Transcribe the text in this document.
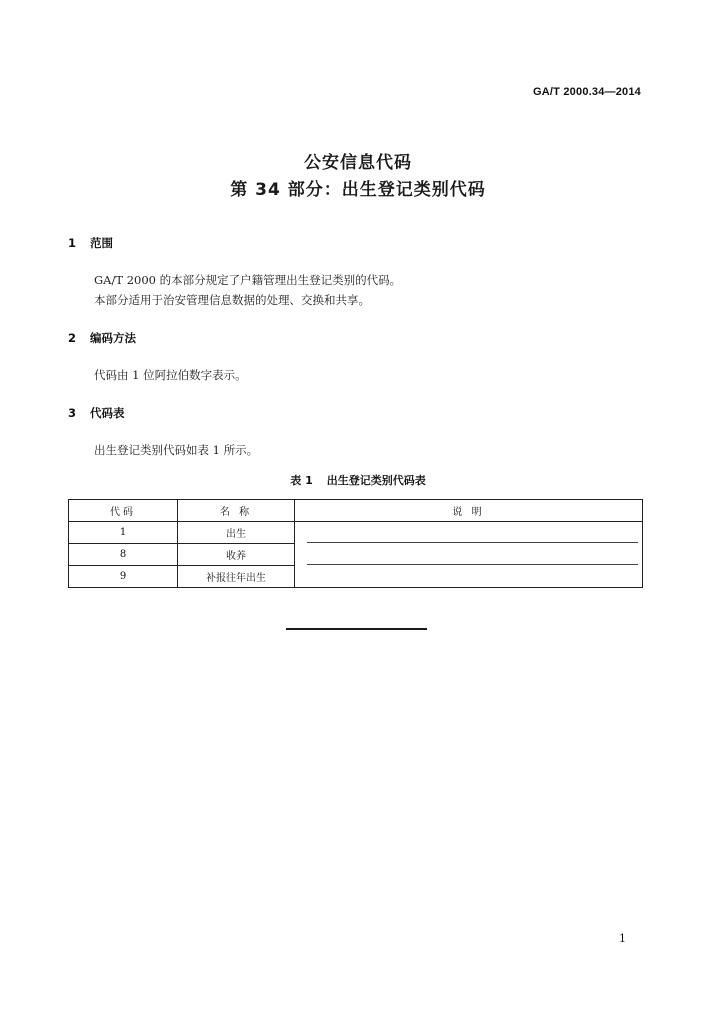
GA/T 2000.34—2014
公安信息代码
第 34 部分：出生登记类别代码
1 范围
GA/T 2000 的本部分规定了户籍管理出生登记类别的代码。
本部分适用于治安管理信息数据的处理、交换和共享。
2 编码方法
代码由 1 位阿拉伯数字表示。
3 代码表
出生登记类别代码如表 1 所示。
表 1 出生登记类别代码表
代码	名 称	说 明
1	出生	

8	收养	

9	补报往年出生	
1
